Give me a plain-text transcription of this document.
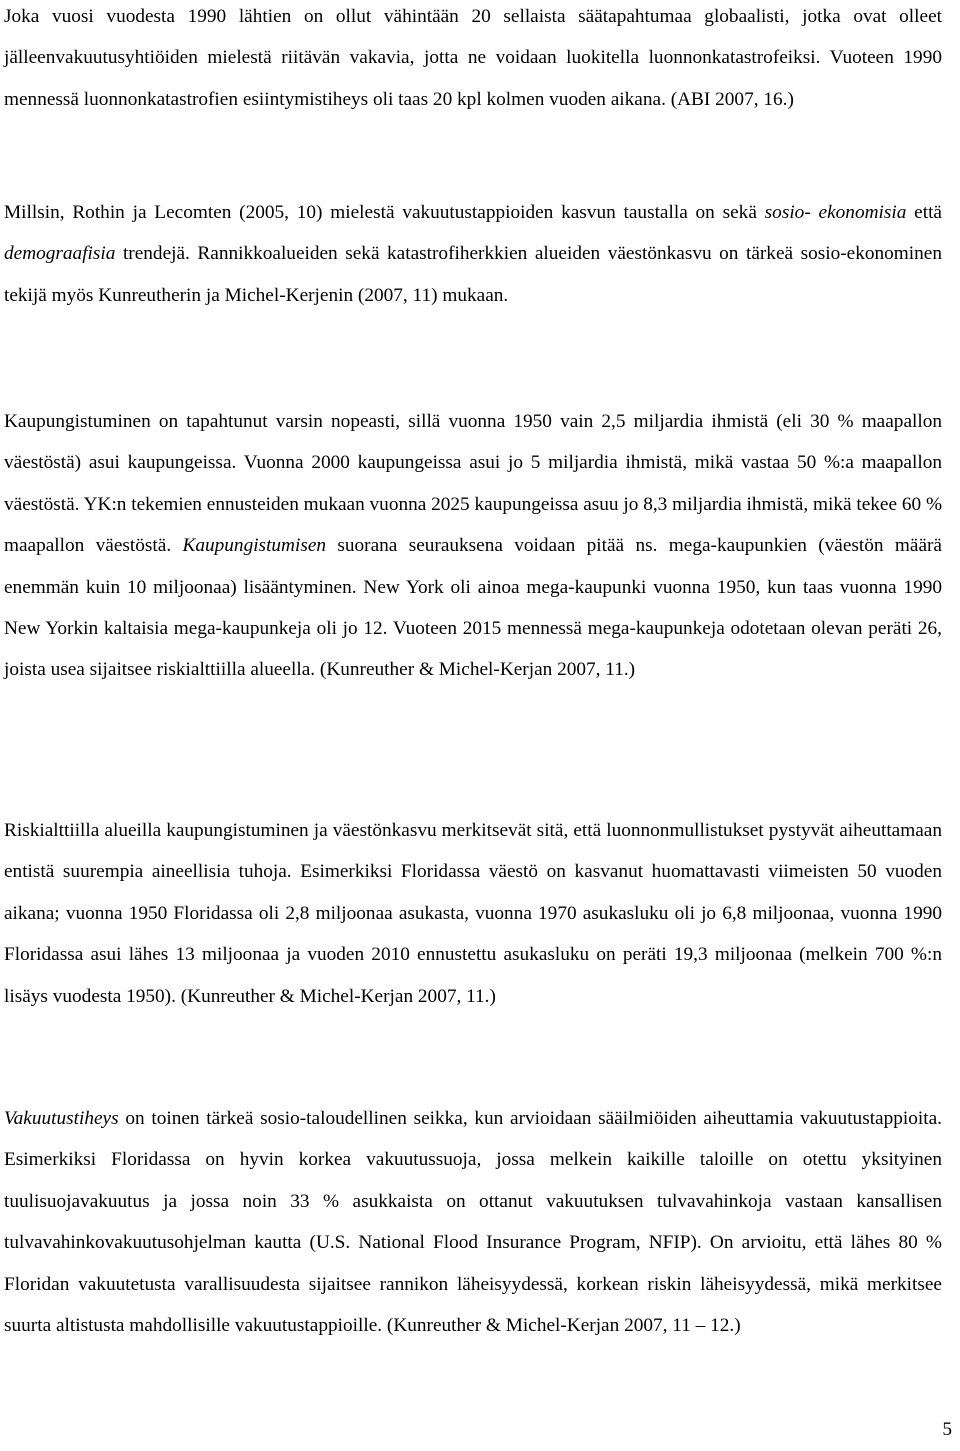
Joka vuosi vuodesta 1990 lähtien on ollut vähintään 20 sellaista säätapahtumaa globaalisti, jotka ovat olleet jälleenvakuutusyhtiöiden mielestä riitävän vakavia, jotta ne voidaan luokitella luonnonkatastrofeiksi. Vuoteen 1990 mennessä luonnonkatastrofien esiintymistiheys oli taas 20 kpl kolmen vuoden aikana. (ABI 2007, 16.)

Millsin, Rothin ja Lecomten (2005, 10) mielestä vakuutustappioiden kasvun taustalla on sekä sosio- ekonomisia että demograafisia trendejä. Rannikkoalueiden sekä katastrofiherkkien alueiden väestönkasvu on tärkeä sosio-ekonominen tekijä myös Kunreutherin ja Michel-Kerjenin (2007, 11) mukaan.

Kaupungistuminen on tapahtunut varsin nopeasti, sillä vuonna 1950 vain 2,5 miljardia ihmistä (eli 30 % maapallon väestöstä) asui kaupungeissa. Vuonna 2000 kaupungeissa asui jo 5 miljardia ihmistä, mikä vastaa 50 %:a maapallon väestöstä. YK:n tekemien ennusteiden mukaan vuonna 2025 kaupungeissa asuu jo 8,3 miljardia ihmistä, mikä tekee 60 % maapallon väestöstä. Kaupungistumisen suorana seurauksena voidaan pitää ns. mega-kaupunkien (väestön määrä enemmän kuin 10 miljoonaa) lisääntyminen. New York oli ainoa mega-kaupunki vuonna 1950, kun taas vuonna 1990 New Yorkin kaltaisia mega-kaupunkeja oli jo 12. Vuoteen 2015 mennessä mega-kaupunkeja odotetaan olevan peräti 26, joista usea sijaitsee riskialttiilla alueella. (Kunreuther & Michel-Kerjan 2007, 11.)

Riskialttiilla alueilla kaupungistuminen ja väestönkasvu merkitsevät sitä, että luonnonmullistukset pystyvät aiheuttamaan entistä suurempia aineellisia tuhoja. Esimerkiksi Floridassa väestö on kasvanut huomattavasti viimeisten 50 vuoden aikana; vuonna 1950 Floridassa oli 2,8 miljoonaa asukasta, vuonna 1970 asukasluku oli jo 6,8 miljoonaa, vuonna 1990 Floridassa asui lähes 13 miljoonaa ja vuoden 2010 ennustettu asukasluku on peräti 19,3 miljoonaa (melkein 700 %:n lisäys vuodesta 1950). (Kunreuther & Michel-Kerjan 2007, 11.)

Vakuutustiheys on toinen tärkeä sosio-taloudellinen seikka, kun arvioidaan sääilmiöiden aiheuttamia vakuutustappioita. Esimerkiksi Floridassa on hyvin korkea vakuutussuoja, jossa melkein kaikille taloille on otettu yksityinen tuulisuojavakuutus ja jossa noin 33 % asukkaista on ottanut vakuutuksen tulvavahinkoja vastaan kansallisen tulvavahinkovakuutusohjelman kautta (U.S. National Flood Insurance Program, NFIP). On arvioitu, että lähes 80 % Floridan vakuutetusta varallisuudesta sijaitsee rannikon läheisyydessä, korkean riskin läheisyydessä, mikä merkitsee suurta altistusta mahdollisille vakuutustappioille. (Kunreuther & Michel-Kerjan 2007, 11 – 12.)

5
